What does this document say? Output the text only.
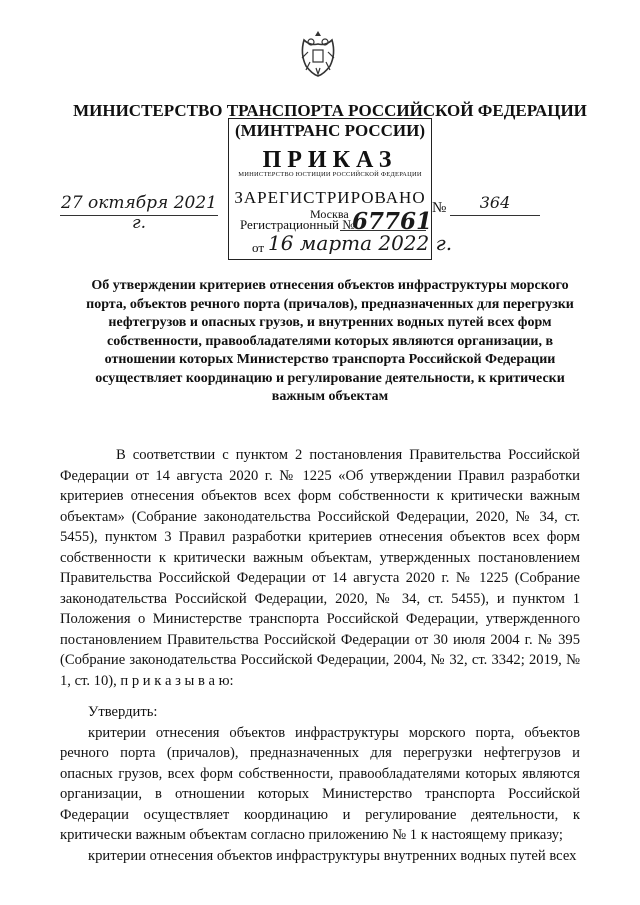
МИНИСТЕРСТВО ТРАНСПОРТА РОССИЙСКОЙ ФЕДЕРАЦИИ
(МИНТРАНС РОССИИ)
ПРИКАЗ
27 октября 2021 г.
№	364
МИНИСТЕРСТВО ЮСТИЦИИ РОССИЙСКОЙ ФЕДЕРАЦИИ
ЗАРЕГИСТРИРОВАНО
Москва
Регистрационный №
67761
от 16 марта 2022 г.
Об утверждении критериев отнесения объектов инфраструктуры морского порта, объектов речного порта (причалов), предназначенных для перегрузки нефтегрузов и опасных грузов, и внутренних водных путей всех форм собственности, правообладателями которых являются организации, в отношении которых Министерство транспорта Российской Федерации осуществляет координацию и регулирование деятельности, к критически важным объектам

В соответствии с пунктом 2 постановления Правительства Российской Федерации от 14 августа 2020 г. № 1225 «Об утверждении Правил разработки критериев отнесения объектов всех форм собственности к критически важным объектам» (Собрание законодательства Российской Федерации, 2020, № 34, ст. 5455), пунктом 3 Правил разработки критериев отнесения объектов всех форм собственности к критически важным объектам, утвержденных постановлением Правительства Российской Федерации от 14 августа 2020 г. № 1225 (Собрание законодательства Российской Федерации, 2020, № 34, ст. 5455), и пунктом 1 Положения о Министерстве транспорта Российской Федерации, утвержденного постановлением Правительства Российской Федерации от 30 июля 2004 г. № 395 (Собрание законодательства Российской Федерации, 2004, № 32, ст. 3342; 2019, № 1, ст. 10), п р и к а з ы в а ю:

Утвердить:

критерии отнесения объектов инфраструктуры морского порта, объектов речного порта (причалов), предназначенных для перегрузки нефтегрузов и опасных грузов, всех форм собственности, правообладателями которых являются организации, в отношении которых Министерство транспорта Российской Федерации осуществляет координацию и регулирование деятельности, к критически важным объектам согласно приложению № 1 к настоящему приказу;

критерии отнесения объектов инфраструктуры внутренних водных путей всех
